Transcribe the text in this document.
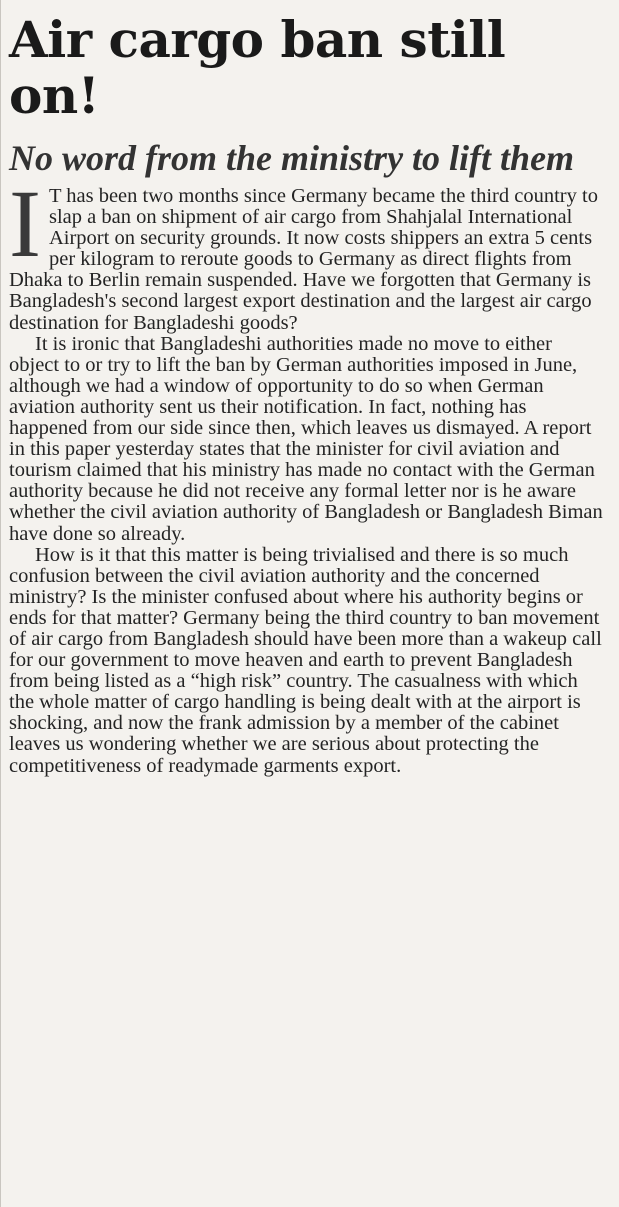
Air cargo ban still on!
No word from the ministry to lift them

I T has been two months since Germany became the third country to slap a ban on shipment of air cargo from Shahjalal International Airport on security grounds. It now costs shippers an extra 5 cents per kilogram to reroute goods to Germany as direct flights from Dhaka to Berlin remain suspended. Have we forgotten that Germany is Bangladesh's second largest export destination and the largest air cargo destination for Bangladeshi goods?

It is ironic that Bangladeshi authorities made no move to either object to or try to lift the ban by German authorities imposed in June, although we had a window of opportunity to do so when German aviation authority sent us their notification. In fact, nothing has happened from our side since then, which leaves us dismayed. A report in this paper yesterday states that the minister for civil aviation and tourism claimed that his ministry has made no contact with the German authority because he did not receive any formal letter nor is he aware whether the civil aviation authority of Bangladesh or Bangladesh Biman have done so already.

How is it that this matter is being trivialised and there is so much confusion between the civil aviation authority and the concerned ministry? Is the minister confused about where his authority begins or ends for that matter? Germany being the third country to ban movement of air cargo from Bangladesh should have been more than a wakeup call for our government to move heaven and earth to prevent Bangladesh from being listed as a “high risk” country. The casualness with which the whole matter of cargo handling is being dealt with at the airport is shocking, and now the frank admission by a member of the cabinet leaves us wondering whether we are serious about protecting the competitiveness of readymade garments export.
